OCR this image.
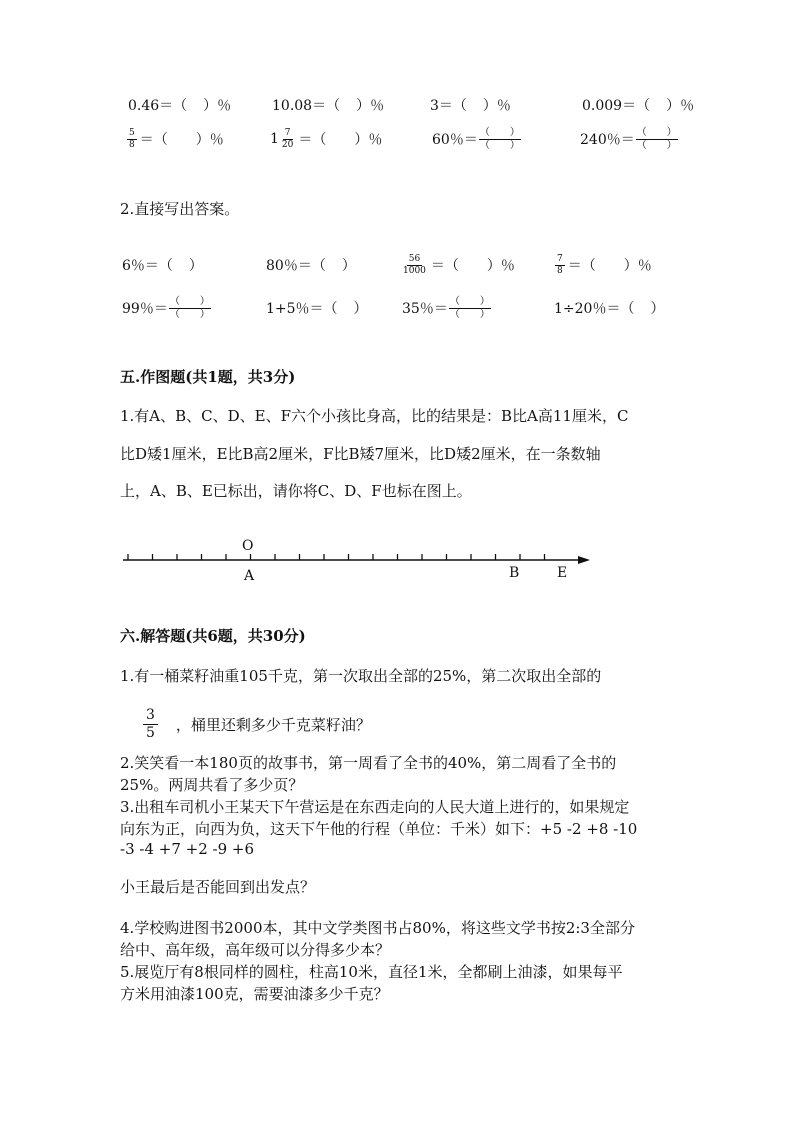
0.46＝（ ）％	10.08＝（ ）％	3＝（ ）％	0.009＝（ ）％
$\frac{5}{8}$ ＝（　　）％	$1 \frac{7}{20}$ ＝（　　）％	60％＝ $\frac{( )}{( )}$	240％＝ $\frac{( )}{( )}$
2.直接写出答案。
6％＝（ ）	80％＝（ ）	$\frac{56}{1000}$ ＝（　　）％	$\frac{7}{8}$ ＝（　　）％
99％＝ $\frac{( )}{( )}$	1+5％＝（ ） 35％＝ $\frac{( )}{( )}$	1÷20％＝（ ）
五.作图题(共1题，共3分)
1.有A、B、C、D、E、F六个小孩比身高，比的结果是：B比A高11厘米，C
比D矮1厘米，E比B高2厘米，F比B矮7厘米，比D矮2厘米，在一条数轴
上，A、B、E已标出，请你将C、D、F也标在图上。
O
A	B	E
六.解答题(共6题，共30分)
1.有一桶菜籽油重105千克，第一次取出全部的25%，第二次取出全部的
$\frac{3}{5}$ ，桶里还剩多少千克菜籽油？
2.笑笑看一本180页的故事书，第一周看了全书的40%，第二周看了全书的
25%。两周共看了多少页？
3.出租车司机小王某天下午营运是在东西走向的人民大道上进行的，如果规定
向东为正，向西为负，这天下午他的行程（单位：千米）如下：+5 -2 +8 -10
-3 -4 +7 +2 -9 +6
小王最后是否能回到出发点？
4.学校购进图书2000本，其中文学类图书占80%，将这些文学书按2:3全部分
给中、高年级，高年级可以分得多少本？
5.展览厅有8根同样的圆柱，柱高10米，直径1米，全都刷上油漆，如果每平
方米用油漆100克，需要油漆多少千克？
